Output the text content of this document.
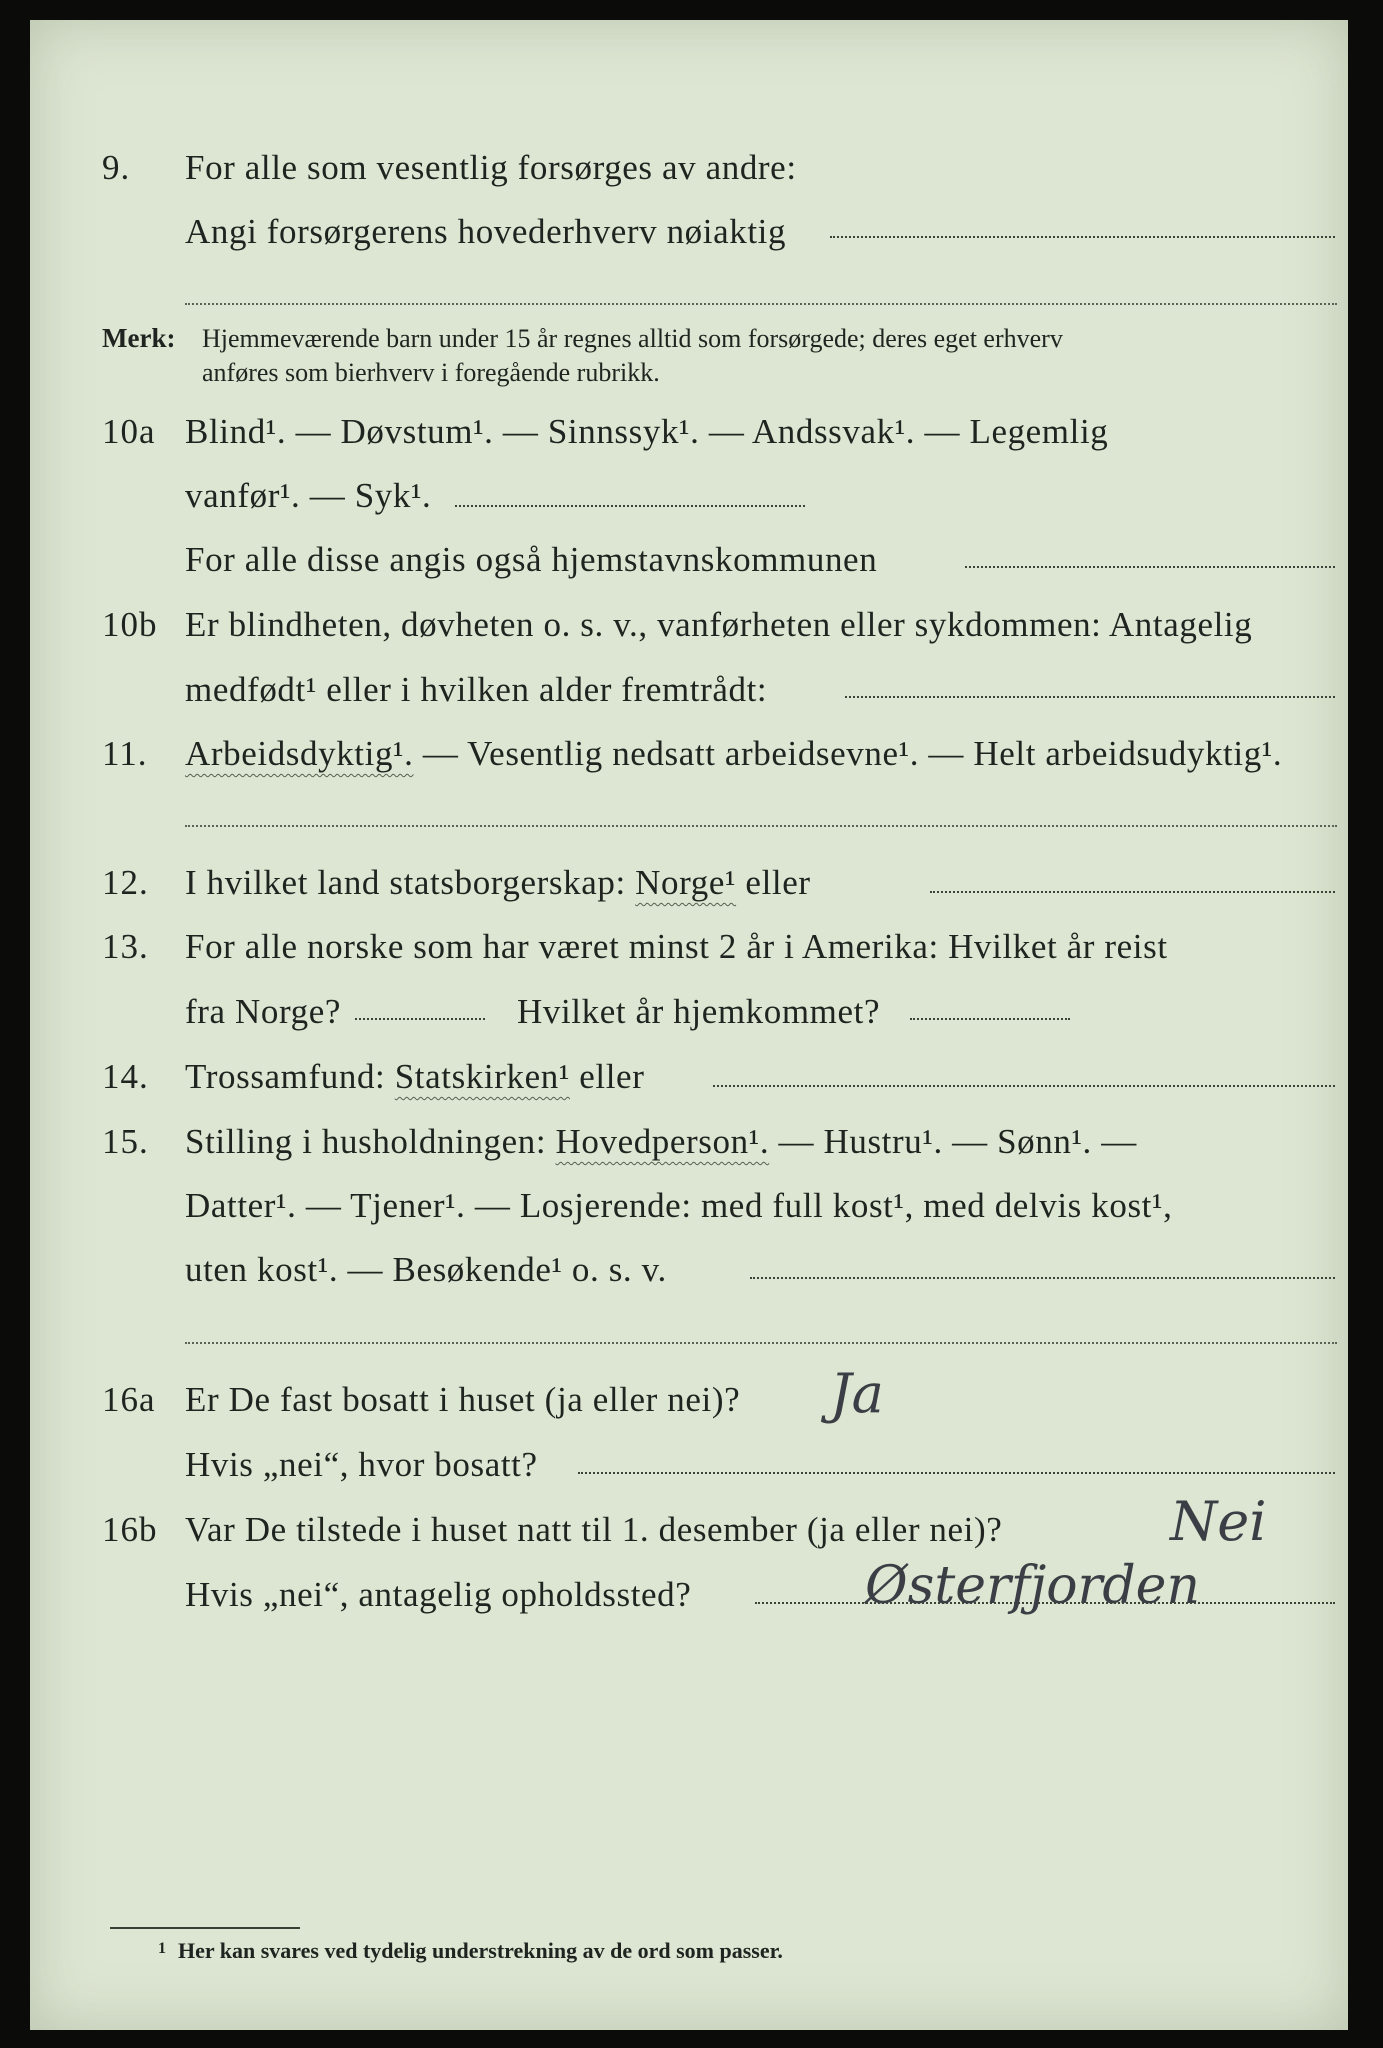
9. For alle som vesentlig forsørges av andre:
Angi forsørgerens hovederhverv nøiaktig
Merk: Hjemmeværende barn under 15 år regnes alltid som forsørgede; deres eget erhverv
anføres som bierhverv i foregående rubrikk.
10a Blind¹. — Døvstum¹. — Sinnssyk¹. — Andssvak¹. — Legemlig
vanfør¹. — Syk¹.
For alle disse angis også hjemstavnskommunen
10b Er blindheten, døvheten o. s. v., vanførheten eller sykdommen: Antagelig
medfødt¹ eller i hvilken alder fremtrådt:
11. Arbeidsdyktig¹. — Vesentlig nedsatt arbeidsevne¹. — Helt arbeidsudyktig¹.
12. I hvilket land statsborgerskap: Norge¹ eller
13. For alle norske som har været minst 2 år i Amerika: Hvilket år reist
fra Norge?	Hvilket år hjemkommet?
14. Trossamfund: Statskirken¹ eller
15. Stilling i husholdningen: Hovedperson¹. — Hustru¹. — Sønn¹. —
Datter¹. — Tjener¹. — Losjerende: med full kost¹, med delvis kost¹,
uten kost¹. — Besøkende¹ o. s. v.
16a Er De fast bosatt i huset (ja eller nei)? Ja
Hvis „nei“, hvor bosatt?
16b Var De tilstede i huset natt til 1. desember (ja eller nei)?	Nei
Hvis „nei“, antagelig opholdssted?	Østerfjorden
1 Her kan svares ved tydelig understrekning av de ord som passer.
